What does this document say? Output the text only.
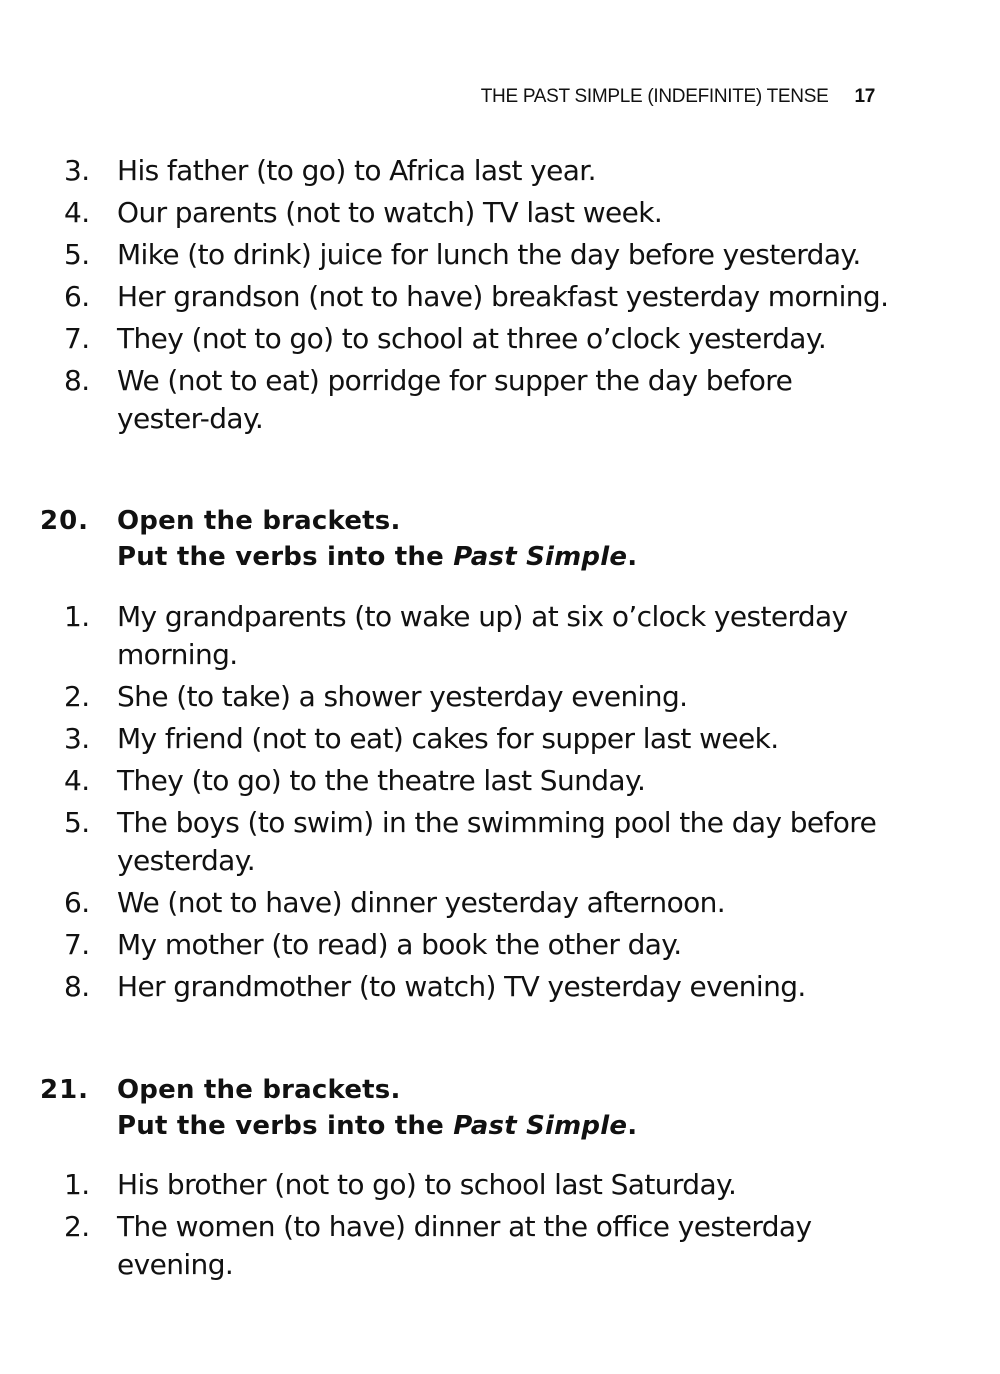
THE PAST SIMPLE (INDEFINITE) TENSE 17
3. His father (to go) to Africa last year.
4. Our parents (not to watch) TV last week.
5. Mike (to drink) juice for lunch the day before yesterday.
6. Her grandson (not to have) breakfast yesterday morning.
7. They (not to go) to school at three o’clock yesterday.
8. We (not to eat) porridge for supper the day before yester-day.
20. Open the brackets.
Put the verbs into the Past Simple.
1. My grandparents (to wake up) at six o’clock yesterday morning.
2. She (to take) a shower yesterday evening.
3. My friend (not to eat) cakes for supper last week.
4. They (to go) to the theatre last Sunday.
5. The boys (to swim) in the swimming pool the day before yesterday.
6. We (not to have) dinner yesterday afternoon.
7. My mother (to read) a book the other day.
8. Her grandmother (to watch) TV yesterday evening.
21. Open the brackets.
Put the verbs into the Past Simple.
1. His brother (not to go) to school last Saturday.
2. The women (to have) dinner at the office yesterday evening.
